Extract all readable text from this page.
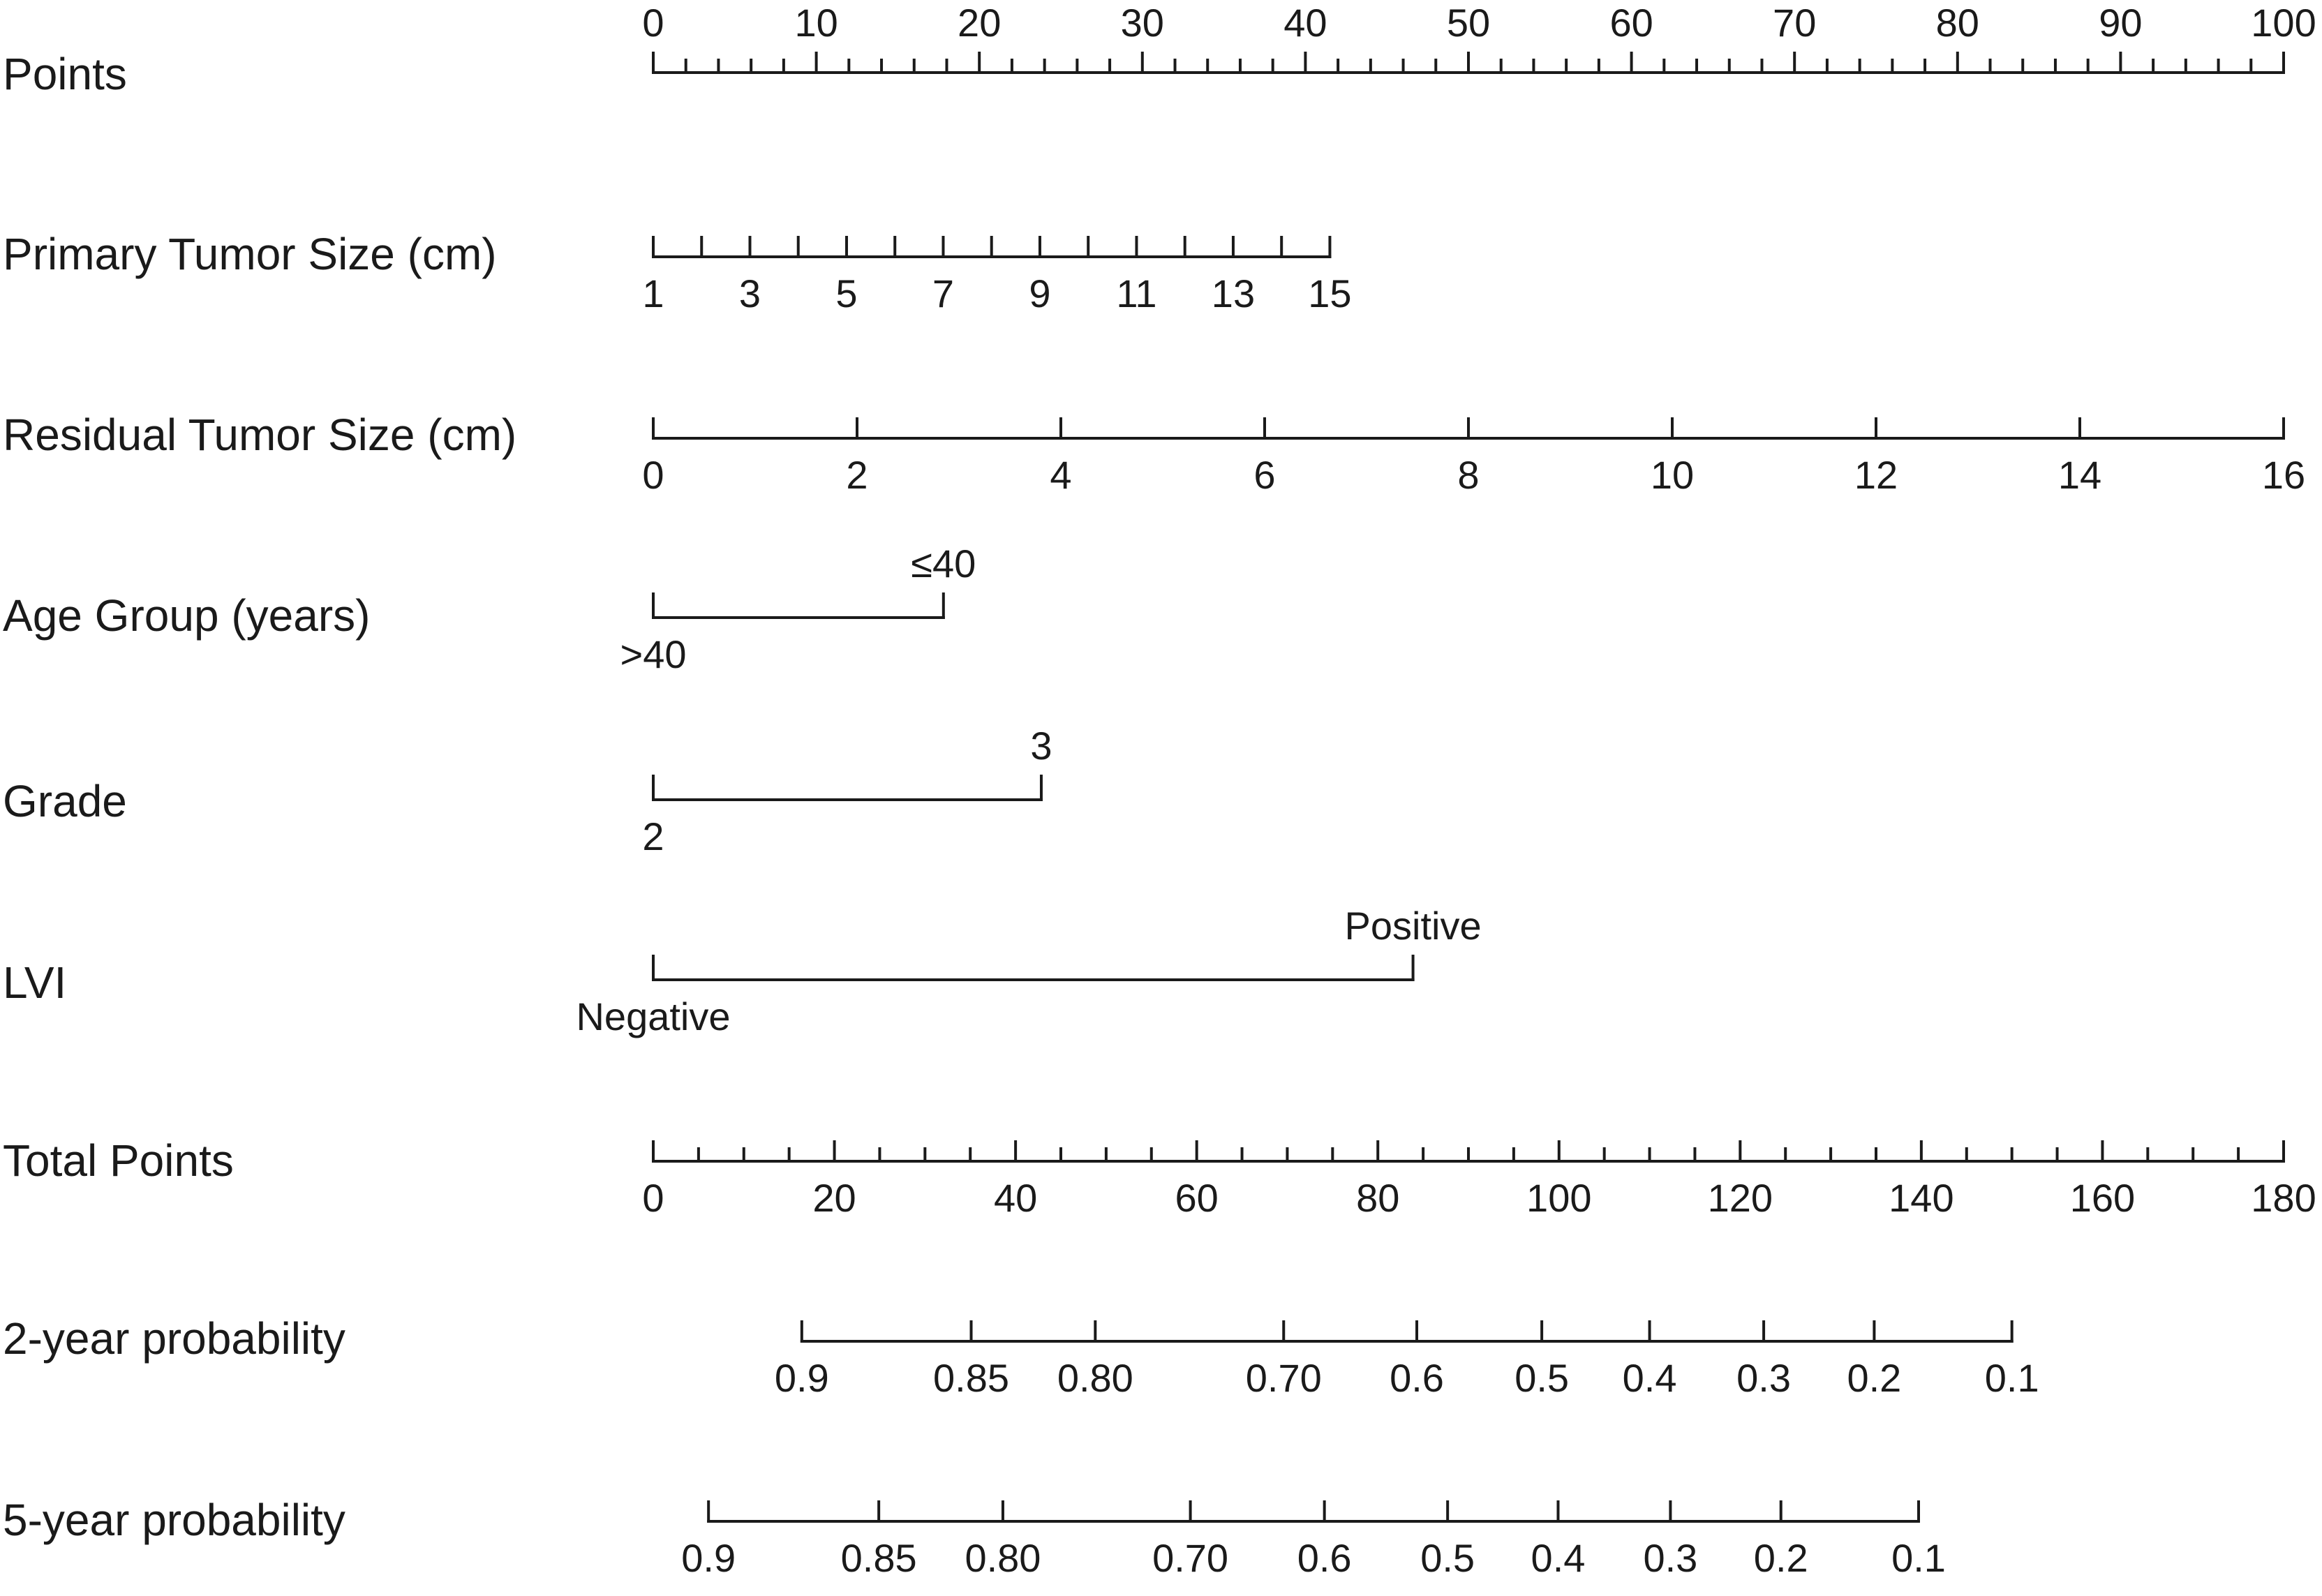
Points
0	10	20	30	40	50	60	70	80	90	100
Primary Tumor Size (cm)
1 3 5 7 9 11 13 15
Residual Tumor Size (cm)
0	2	4	6	8	10	12	14	16
Age Group (years)
>40
≤40
Grade
2
3
LVI
Negative
Positive
Total Points
0	20	40	60	80	100	120	140	160	180
2-year probability
0.9	0.85 0.80	0.70 0.6 0.5 0.4 0.3 0.2 0.1
5-year probability
0.9	0.85 0.80	0.70 0.6 0.5 0.4 0.3 0.2 0.1
